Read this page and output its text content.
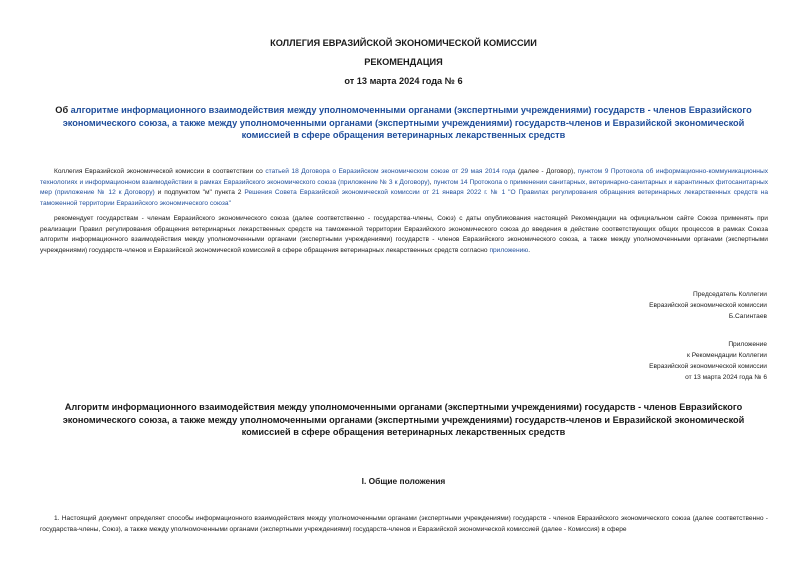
КОЛЛЕГИЯ ЕВРАЗИЙСКОЙ ЭКОНОМИЧЕСКОЙ КОМИССИИ
РЕКОМЕНДАЦИЯ
от 13 марта 2024 года № 6
Об алгоритме информационного взаимодействия между уполномоченными органами (экспертными учреждениями) государств - членов Евразийского экономического союза, а также между уполномоченными органами (экспертными учреждениями) государств-членов и Евразийской экономической комиссией в сфере обращения ветеринарных лекарственных средств
Коллегия Евразийской экономической комиссии в соответствии со статьей 18 Договора о Евразийском экономическом союзе от 29 мая 2014 года (далее - Договор), пунктом 9 Протокола об информационно-коммуникационных технологиях и информационном взаимодействии в рамках Евразийского экономического союза (приложение № 3 к Договору), пунктом 14 Протокола о применении санитарных, ветеринарно-санитарных и карантинных фитосанитарных мер (приложение № 12 к Договору) и подпунктом "м" пункта 2 Решения Совета Евразийской экономической комиссии от 21 января 2022 г. № 1 "О Правилах регулирования обращения ветеринарных лекарственных средств на таможенной территории Евразийского экономического союза"
рекомендует государствам - членам Евразийского экономического союза (далее соответственно - государства-члены, Союз) с даты опубликования настоящей Рекомендации на официальном сайте Союза применять при реализации Правил регулирования обращения ветеринарных лекарственных средств на таможенной территории Евразийского экономического союза до введения в действие соответствующих общих процессов в рамках Союза алгоритм информационного взаимодействия между уполномоченными органами (экспертными учреждениями) государств - членов Евразийского экономического союза, а также между уполномоченными органами (экспертными учреждениями) государств-членов и Евразийской экономической комиссией в сфере обращения ветеринарных лекарственных средств согласно приложению.
Председатель Коллегии
Евразийской экономической комиссии
Б.Сагинтаев
Приложение
к Рекомендации Коллегии
Евразийской экономической комиссии
от 13 марта 2024 года № 6
Алгоритм информационного взаимодействия между уполномоченными органами (экспертными учреждениями) государств - членов Евразийского экономического союза, а также между уполномоченными органами (экспертными учреждениями) государств-членов и Евразийской экономической комиссией в сфере обращения ветеринарных лекарственных средств
I. Общие положения
1. Настоящий документ определяет способы информационного взаимодействия между уполномоченными органами (экспертными учреждениями) государств - членов Евразийского экономического союза (далее соответственно - государства-члены, Союз), а также между уполномоченными органами (экспертными учреждениями) государств-членов и Евразийской экономической комиссией (далее - Комиссия) в сфере
